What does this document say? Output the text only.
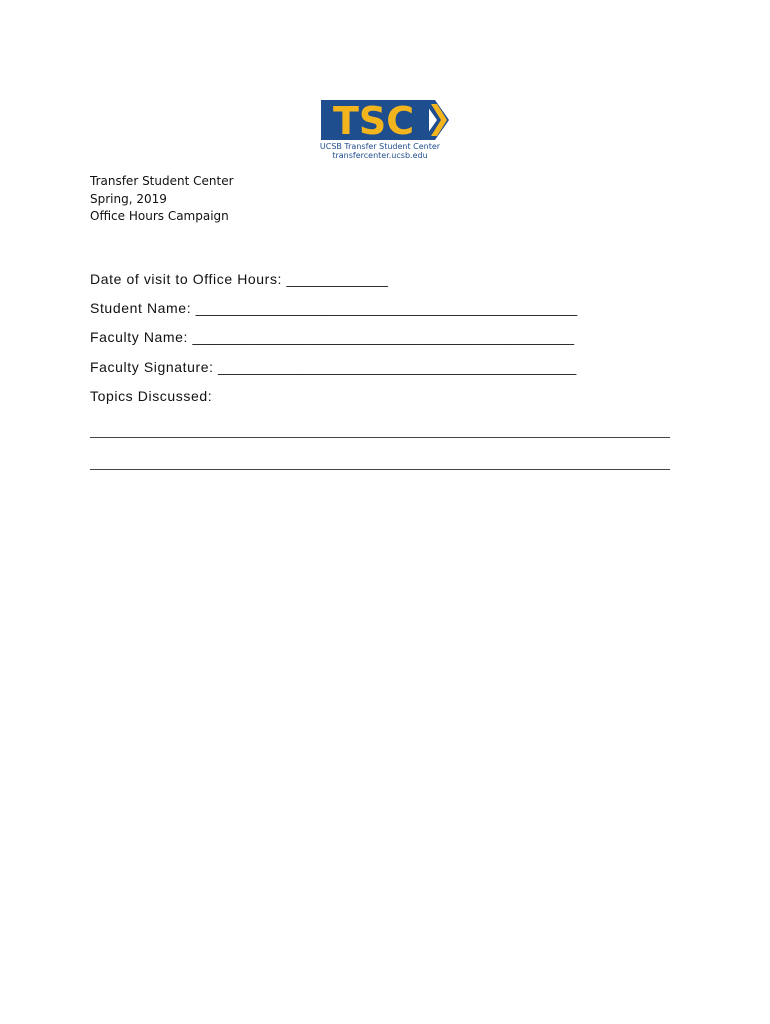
TSC
UCSB Transfer Student Center
transfercenter.ucsb.edu
Transfer Student Center
Spring, 2019
Office Hours Campaign
Date of visit to Office Hours: _____________
Student Name: _________________________________________________
Faculty Name: _________________________________________________
Faculty Signature: ______________________________________________
Topics Discussed:
